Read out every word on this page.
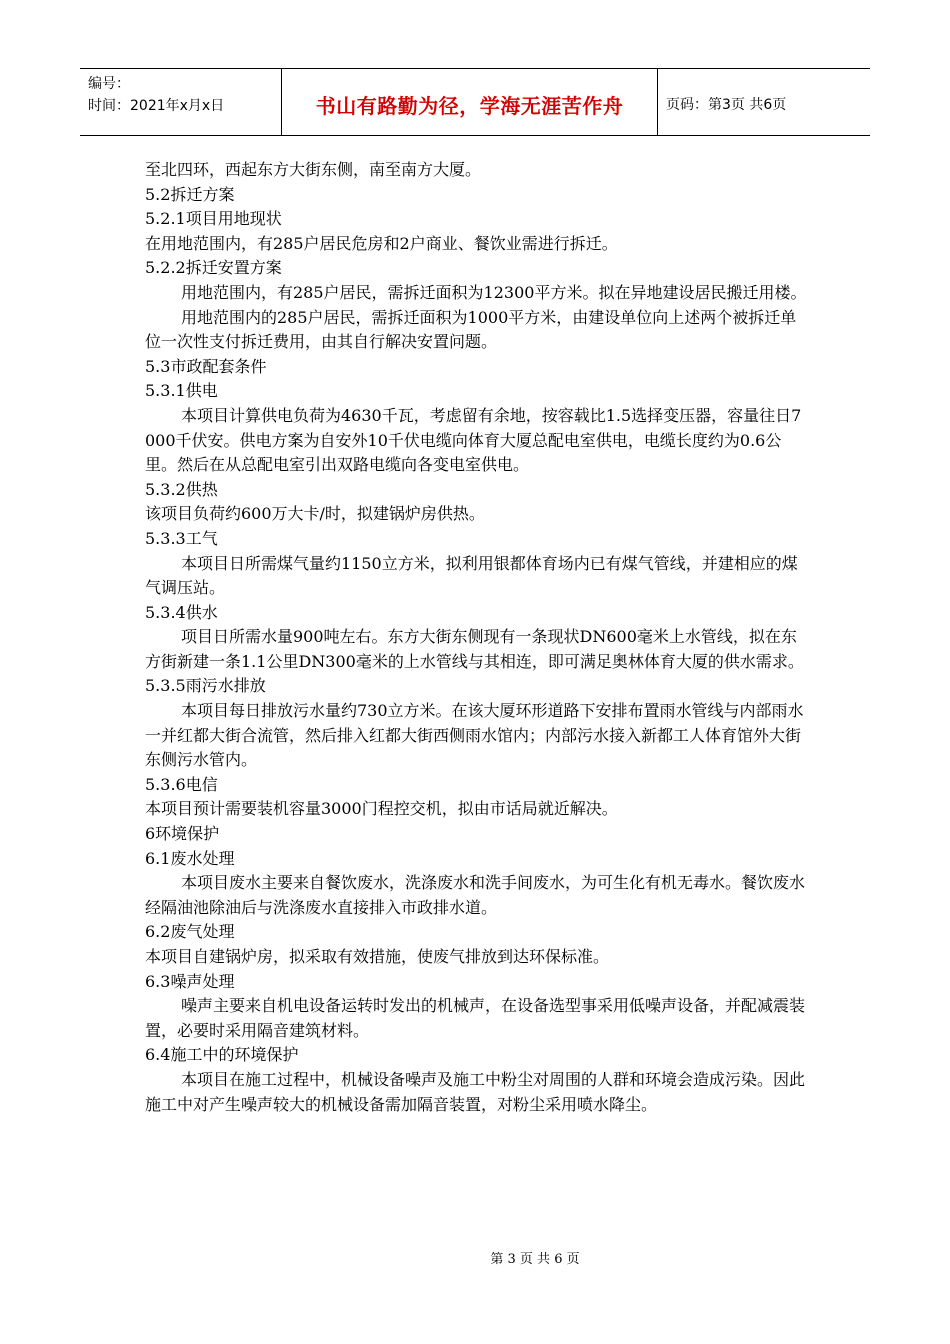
编号：
时间：2021年x月x日	书山有路勤为径，学海无涯苦作舟	页码：第3页 共6页

至北四环，西起东方大街东侧，南至南方大厦。

5.2拆迁方案

5.2.1项目用地现状

在用地范围内，有285户居民危房和2户商业、餐饮业需进行拆迁。

5.2.2拆迁安置方案

用地范围内，有285户居民，需拆迁面积为12300平方米。拟在异地建设居民搬迁用楼。

用地范围内的285户居民，需拆迁面积为1000平方米，由建设单位向上述两个被拆迁单位一次性支付拆迁费用，由其自行解决安置问题。

5.3市政配套条件

5.3.1供电

本项目计算供电负荷为4630千瓦，考虑留有余地，按容载比1.5选择变压器，容量往日7000千伏安。供电方案为自安外10千伏电缆向体育大厦总配电室供电，电缆长度约为0.6公里。然后在从总配电室引出双路电缆向各变电室供电。

5.3.2供热

该项目负荷约600万大卡/时，拟建锅炉房供热。

5.3.3工气

本项目日所需煤气量约1150立方米，拟利用银都体育场内已有煤气管线，并建相应的煤气调压站。

5.3.4供水

项目日所需水量900吨左右。东方大街东侧现有一条现状DN600毫米上水管线，拟在东方街新建一条1.1公里DN300毫米的上水管线与其相连，即可满足奥林体育大厦的供水需求。

5.3.5雨污水排放

本项目每日排放污水量约730立方米。在该大厦环形道路下安排布置雨水管线与内部雨水一并红都大街合流管，然后排入红都大街西侧雨水馆内；内部污水接入新都工人体育馆外大街东侧污水管内。

5.3.6电信

本项目预计需要装机容量3000门程控交机，拟由市话局就近解决。

6环境保护

6.1废水处理

本项目废水主要来自餐饮废水，洗涤废水和洗手间废水，为可生化有机无毒水。餐饮废水经隔油池除油后与洗涤废水直接排入市政排水道。

6.2废气处理

本项目自建锅炉房，拟采取有效措施，使废气排放到达环保标准。

6.3噪声处理

噪声主要来自机电设备运转时发出的机械声，在设备选型事采用低噪声设备，并配减震装置，必要时采用隔音建筑材料。

6.4施工中的环境保护

本项目在施工过程中，机械设备噪声及施工中粉尘对周围的人群和环境会造成污染。因此施工中对产生噪声较大的机械设备需加隔音装置，对粉尘采用喷水降尘。

第 3 页 共 6 页
